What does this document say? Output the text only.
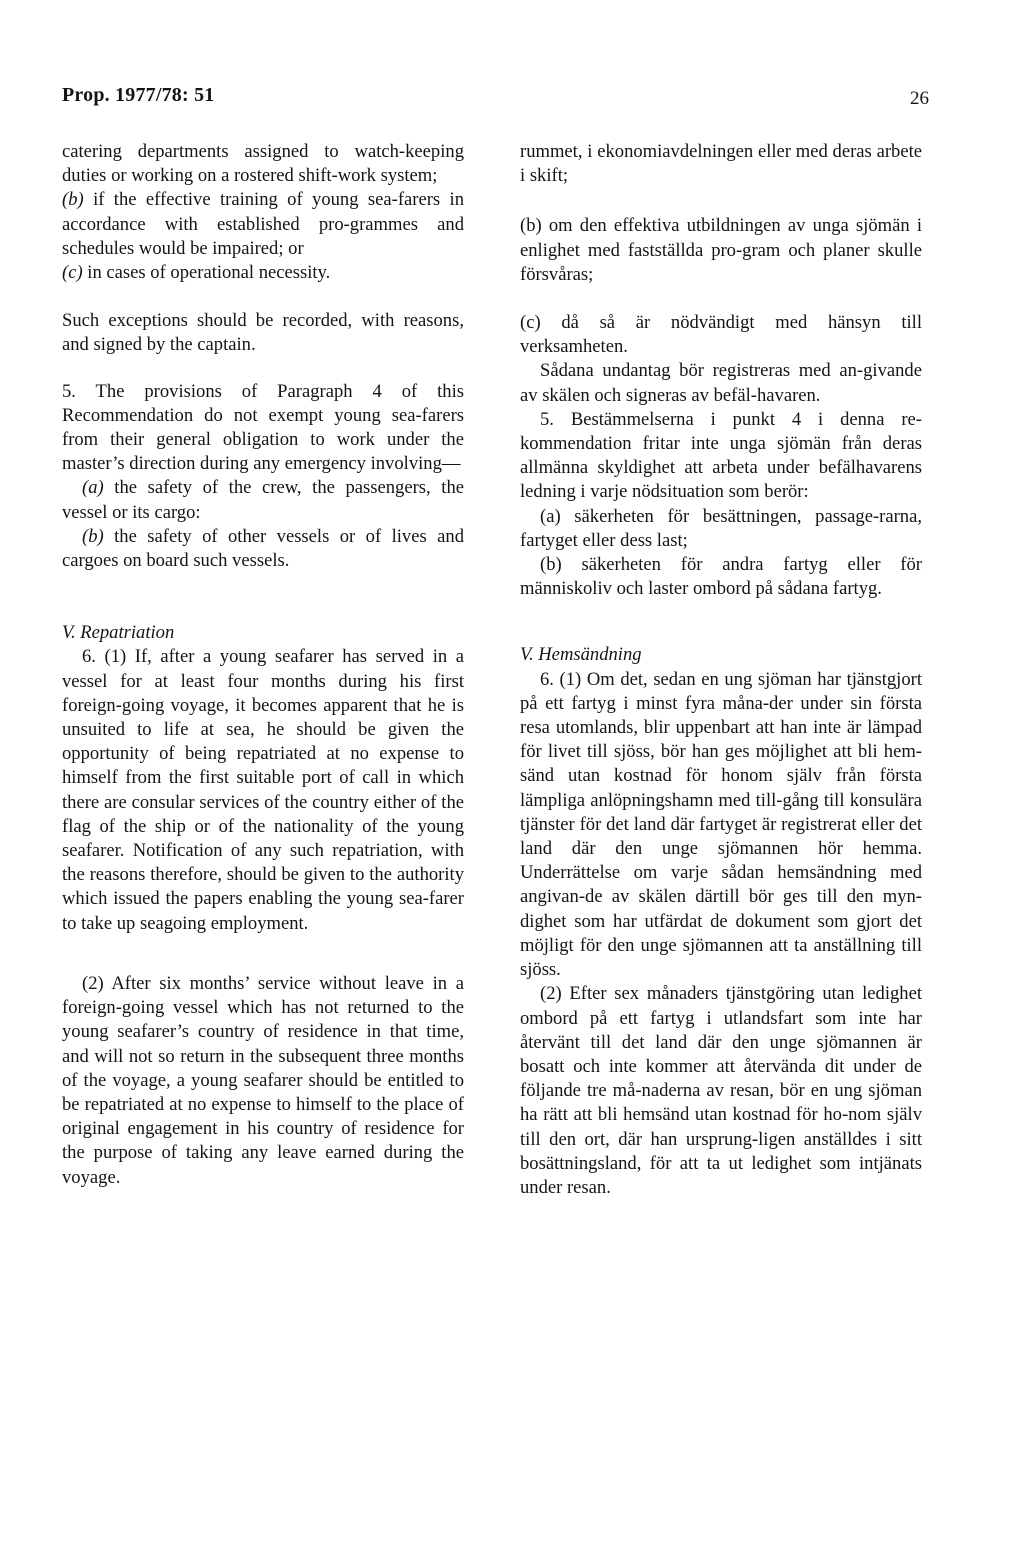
Prop. 1977/78: 51	26

catering departments assigned to watch-keeping duties or working on a rostered shift-work system;

(b) if the effective training of young sea-farers in accordance with established pro-grammes and schedules would be impaired; or

(c) in cases of operational necessity.

Such exceptions should be recorded, with reasons, and signed by the captain.

5. The provisions of Paragraph 4 of this Recommendation do not exempt young sea-farers from their general obligation to work under the master’s direction during any emergency involving—

(a) the safety of the crew, the passengers, the vessel or its cargo:

(b) the safety of other vessels or of lives and cargoes on board such vessels.

V. Repatriation

6. (1) If, after a young seafarer has served in a vessel for at least four months during his first foreign-going voyage, it becomes apparent that he is unsuited to life at sea, he should be given the opportunity of being repatriated at no expense to himself from the first suitable port of call in which there are consular services of the country either of the flag of the ship or of the nationality of the young seafarer. Notification of any such repatriation, with the reasons therefore, should be given to the authority which issued the papers enabling the young sea-farer to take up seagoing employment.

(2) After six months’ service without leave in a foreign-going vessel which has not returned to the young seafarer’s country of residence in that time, and will not so return in the subsequent three months of the voyage, a young seafarer should be entitled to be repatriated at no expense to himself to the place of original engagement in his country of residence for the purpose of taking any leave earned during the voyage.

rummet, i ekonomiavdelningen eller med deras arbete i skift;

(b) om den effektiva utbildningen av unga sjömän i enlighet med fastställda pro-gram och planer skulle försvåras;

(c) då så är nödvändigt med hänsyn till verksamheten.

Sådana undantag bör registreras med an-givande av skälen och signeras av befäl-havaren.

5. Bestämmelserna i punkt 4 i denna re-kommendation fritar inte unga sjömän från deras allmänna skyldighet att arbeta under befälhavarens ledning i varje nödsituation som berör:

(a) säkerheten för besättningen, passage-rarna, fartyget eller dess last;

(b) säkerheten för andra fartyg eller för människoliv och laster ombord på sådana fartyg.

V. Hemsändning

6. (1) Om det, sedan en ung sjöman har tjänstgjort på ett fartyg i minst fyra måna-der under sin första resa utomlands, blir uppenbart att han inte är lämpad för livet till sjöss, bör han ges möjlighet att bli hem-sänd utan kostnad för honom själv från första lämpliga anlöpningshamn med till-gång till konsulära tjänster för det land där fartyget är registrerat eller det land där den unge sjömannen hör hemma. Underrättelse om varje sådan hemsändning med angivan-de av skälen därtill bör ges till den myn-dighet som har utfärdat de dokument som gjort det möjligt för den unge sjömannen att ta anställning till sjöss.

(2) Efter sex månaders tjänstgöring utan ledighet ombord på ett fartyg i utlandsfart som inte har återvänt till det land där den unge sjömannen är bosatt och inte kommer att återvända dit under de följande tre må-naderna av resan, bör en ung sjöman ha rätt att bli hemsänd utan kostnad för ho-nom själv till den ort, där han ursprung-ligen anställdes i sitt bosättningsland, för att ta ut ledighet som intjänats under resan.
